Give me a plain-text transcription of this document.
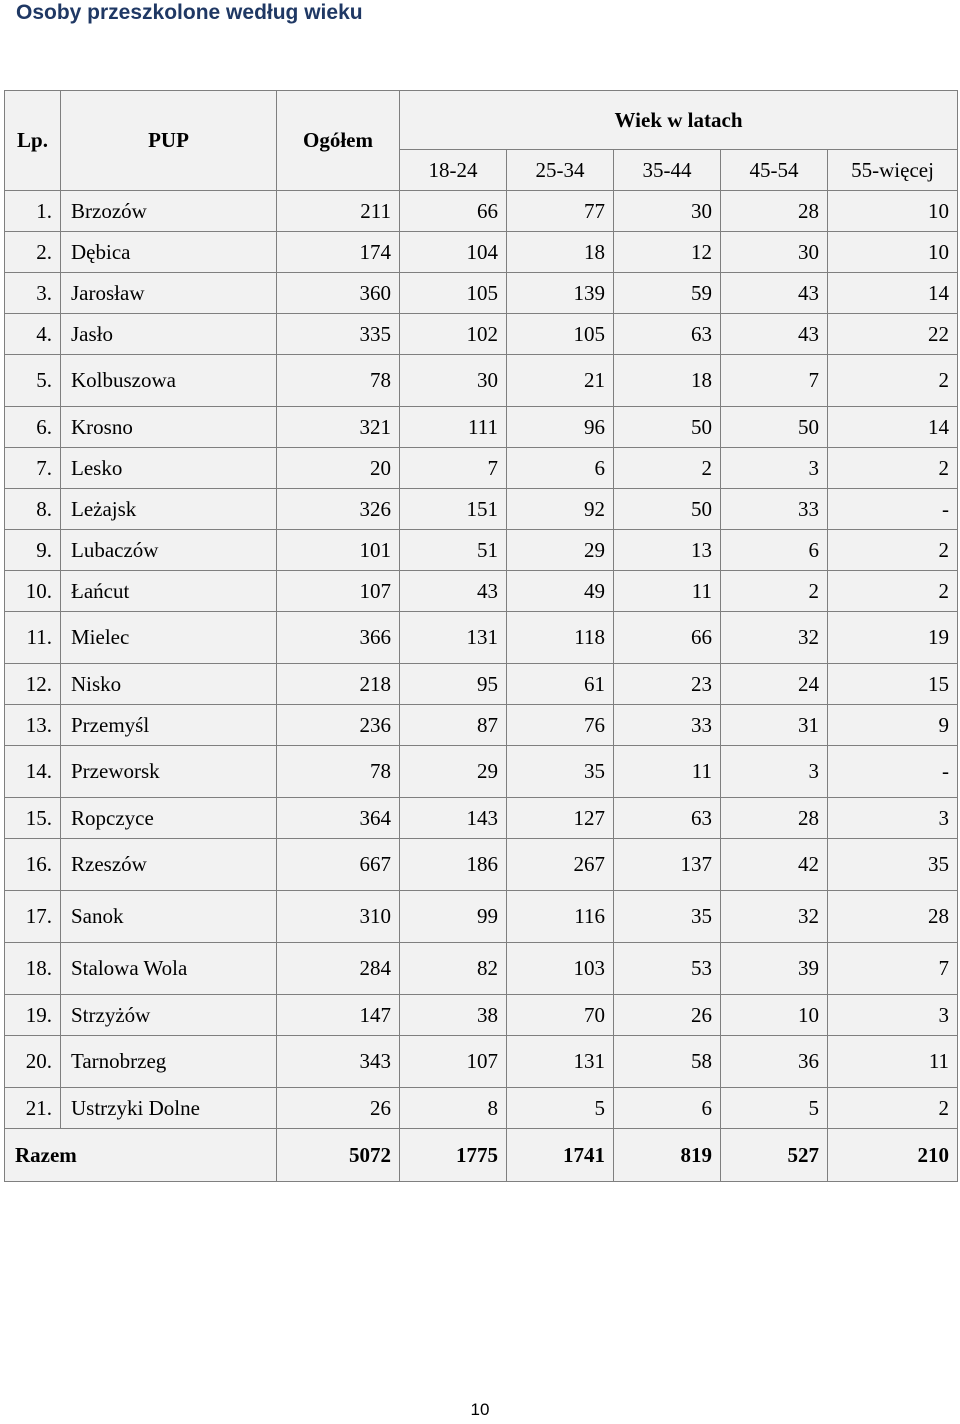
Osoby przeszkolone według wieku
Lp.	PUP	Ogółem	Wiek w latach				
			18-24	25-34	35-44	45-54	55-więcej
1.	Brzozów	211	66	77	30	28	10
2.	Dębica	174	104	18	12	30	10
3.	Jarosław	360	105	139	59	43	14
4.	Jasło	335	102	105	63	43	22
5.	Kolbuszowa	78	30	21	18	7	2
6.	Krosno	321	111	96	50	50	14
7.	Lesko	20	7	6	2	3	2
8.	Leżajsk	326	151	92	50	33	-
9.	Lubaczów	101	51	29	13	6	2
10.	Łańcut	107	43	49	11	2	2
11.	Mielec	366	131	118	66	32	19
12.	Nisko	218	95	61	23	24	15
13.	Przemyśl	236	87	76	33	31	9
14.	Przeworsk	78	29	35	11	3	-
15.	Ropczyce	364	143	127	63	28	3
16.	Rzeszów	667	186	267	137	42	35
17.	Sanok	310	99	116	35	32	28
18.	Stalowa Wola	284	82	103	53	39	7
19.	Strzyżów	147	38	70	26	10	3
20.	Tarnobrzeg	343	107	131	58	36	11
21.	Ustrzyki Dolne	26	8	5	6	5	2
Razem		5072	1775	1741	819	527	210
10
